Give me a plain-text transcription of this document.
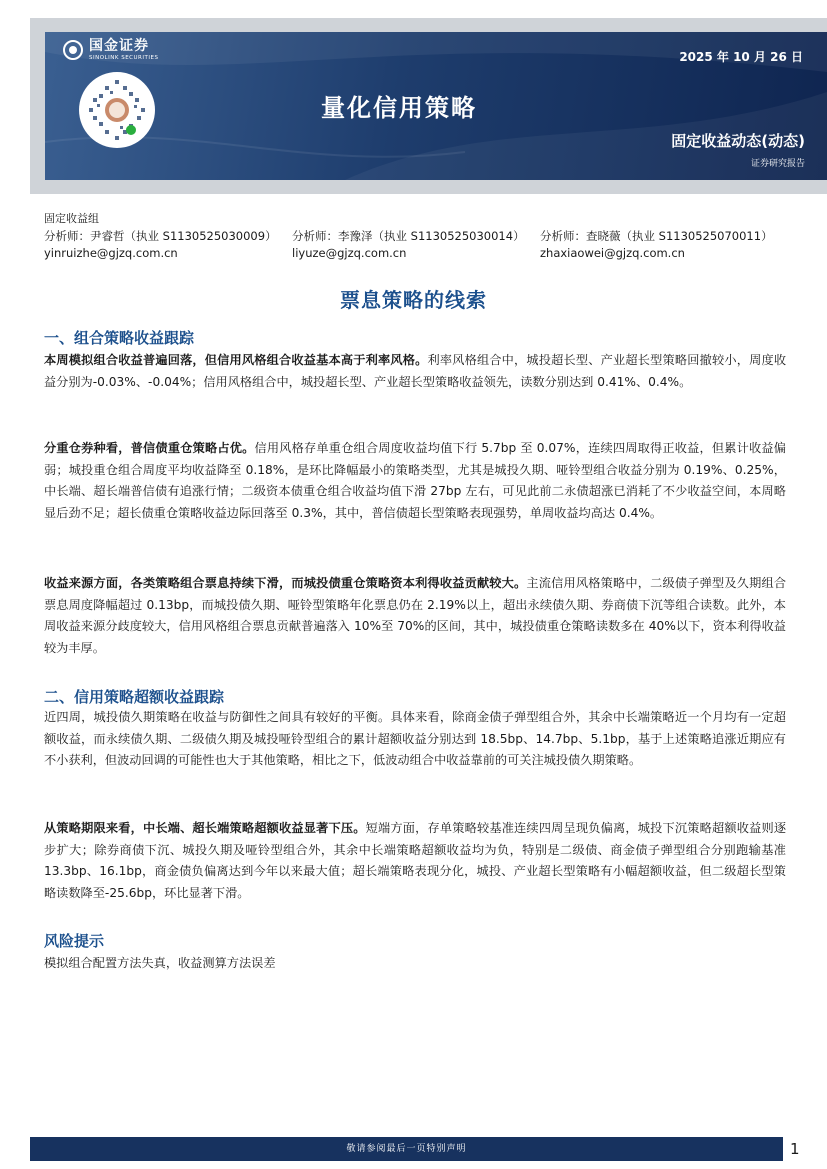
国金证券
SINOLINK SECURITIES	2025 年 10 月 26 日
量化信用策略
固定收益动态(动态)
证券研究报告
固定收益组
分析师：尹睿哲（执业 S1130525030009） 分析师：李豫泽（执业 S1130525030014） 分析师：查晓薇（执业 S1130525070011）
yinruizhe@gjzq.com.cn	liyuze@gjzq.com.cn	zhaxiaowei@gjzq.com.cn
票息策略的线索
一、组合策略收益跟踪
本周模拟组合收益普遍回落，但信用风格组合收益基本高于利率风格。利率风格组合中，城投超长型、产业超长型策略回撤较小，周度收益分别为-0.03%、-0.04%；信用风格组合中，城投超长型、产业超长型策略收益领先，读数分别达到 0.41%、0.4%。
分重仓券种看，普信债重仓策略占优。信用风格存单重仓组合周度收益均值下行 5.7bp 至 0.07%，连续四周取得正收益，但累计收益偏弱；城投重仓组合周度平均收益降至 0.18%，是环比降幅最小的策略类型，尤其是城投久期、哑铃型组合收益分别为 0.19%、0.25%，中长端、超长端普信债有追涨行情；二级资本债重仓组合收益均值下滑 27bp 左右，可见此前二永债超涨已消耗了不少收益空间，本周略显后劲不足；超长债重仓策略收益边际回落至 0.3%，其中，普信债超长型策略表现强势，单周收益均高达 0.4%。
收益来源方面，各类策略组合票息持续下滑，而城投债重仓策略资本利得收益贡献较大。主流信用风格策略中，二级债子弹型及久期组合票息周度降幅超过 0.13bp，而城投债久期、哑铃型策略年化票息仍在 2.19%以上，超出永续债久期、券商债下沉等组合读数。此外，本周收益来源分歧度较大，信用风格组合票息贡献普遍落入 10%至 70%的区间，其中，城投债重仓策略读数多在 40%以下，资本利得收益较为丰厚。
二、信用策略超额收益跟踪
近四周，城投债久期策略在收益与防御性之间具有较好的平衡。具体来看，除商金债子弹型组合外，其余中长端策略近一个月均有一定超额收益，而永续债久期、二级债久期及城投哑铃型组合的累计超额收益分别达到 18.5bp、14.7bp、5.1bp，基于上述策略追涨近期应有不小获利，但波动回调的可能性也大于其他策略，相比之下，低波动组合中收益靠前的可关注城投债久期策略。
从策略期限来看，中长端、超长端策略超额收益显著下压。短端方面，存单策略较基准连续四周呈现负偏离，城投下沉策略超额收益则逐步扩大；除券商债下沉、城投久期及哑铃型组合外，其余中长端策略超额收益均为负，特别是二级债、商金债子弹型组合分别跑输基准 13.3bp、16.1bp，商金债负偏离达到今年以来最大值；超长端策略表现分化，城投、产业超长型策略有小幅超额收益，但二级超长型策略读数降至-25.6bp，环比显著下滑。
风险提示
模拟组合配置方法失真，收益测算方法误差
敬请参阅最后一页特别声明	1
